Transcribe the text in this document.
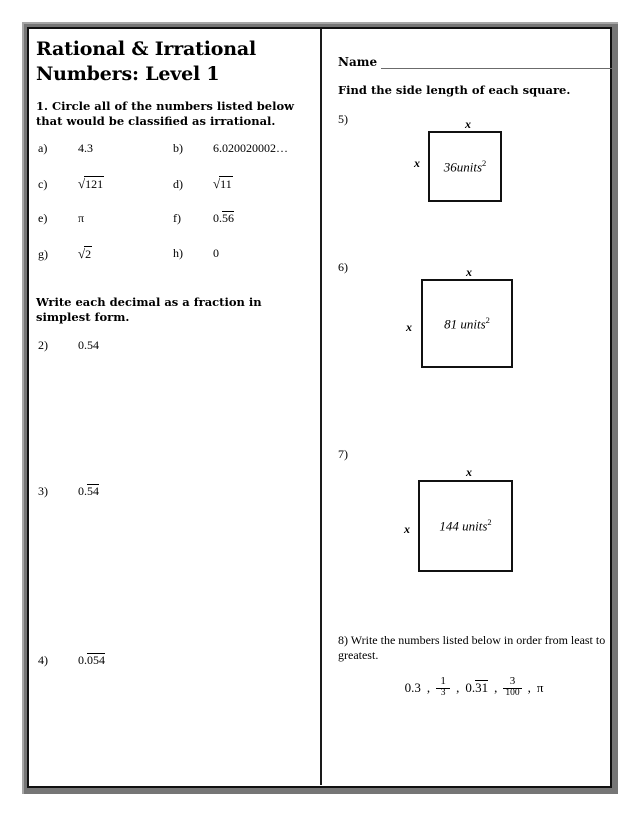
Rational & Irrational Numbers: Level 1
1. Circle all of the numbers listed below that would be classified as irrational.
a)	4.3	b)	6.020020002…
c)	√121	d)	√11
e)	π	f)	0.56
g)	√2	h)	0
Write each decimal as a fraction in simplest form.
2)	0.54
3)	0.54
4)	0.054
Name
Find the side length of each square.
5)	x
x 36units$^2$
6)	x
x 81 units$^2$
7)
x
x 144 units$^2$
8) Write the numbers listed below in order from least to greatest.
0.3 , $\frac{1}{3}$ , 0.31 , $\frac{3}{100}$ , π
